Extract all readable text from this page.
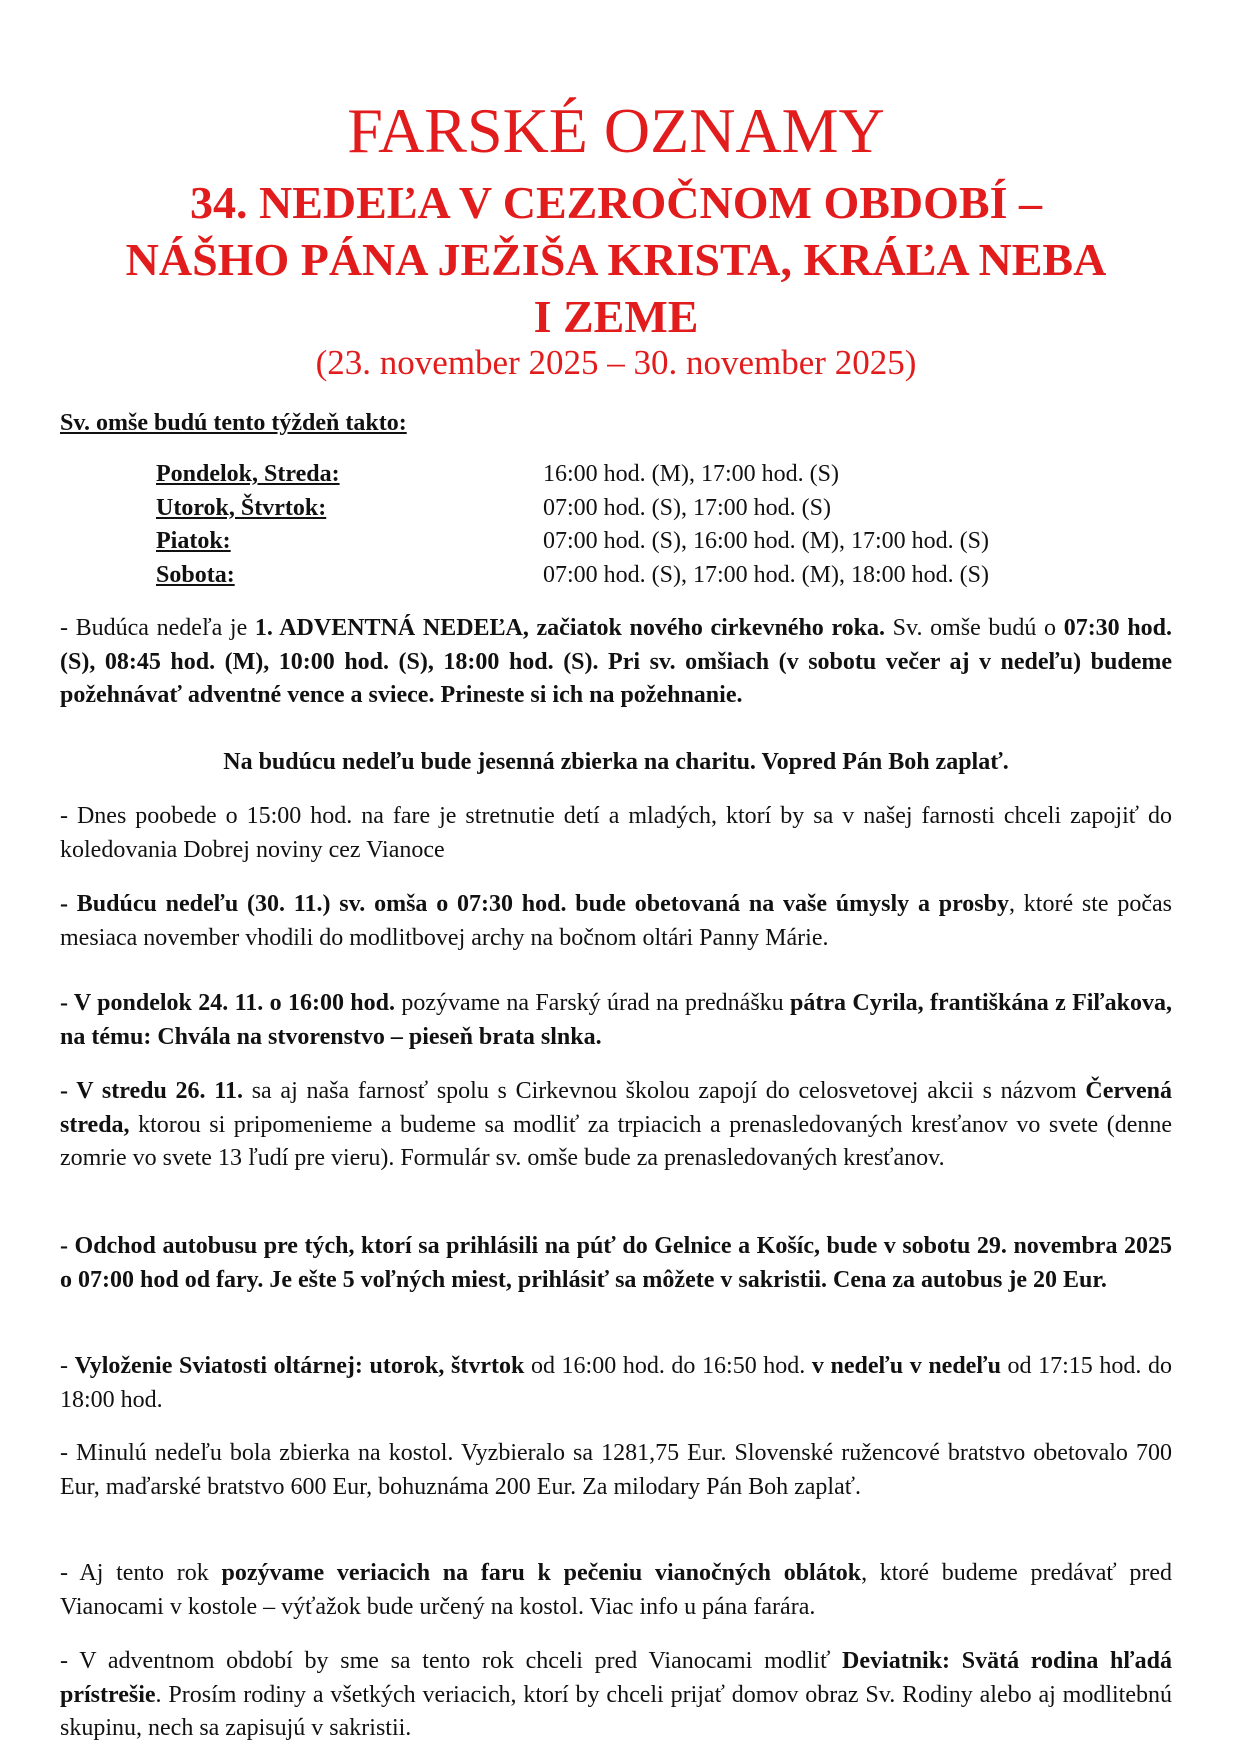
FARSKÉ OZNAMY
34. NEDEĽA V CEZROČNOM OBDOBÍ –
NÁŠHO PÁNA JEŽIŠA KRISTA, KRÁĽA NEBA
I ZEME
(23. november 2025 – 30. november 2025)
Sv. omše budú tento týždeň takto:
Pondelok, Streda:	16:00 hod. (M), 17:00 hod. (S)
Utorok, Štvrtok:	07:00 hod. (S), 17:00 hod. (S)
Piatok:	07:00 hod. (S), 16:00 hod. (M), 17:00 hod. (S)
Sobota:	07:00 hod. (S), 17:00 hod. (M), 18:00 hod. (S)
- Budúca nedeľa je 1. ADVENTNÁ NEDEĽA, začiatok nového cirkevného roka. Sv. omše budú o 07:30 hod. (S), 08:45 hod. (M), 10:00 hod. (S), 18:00 hod. (S). Pri sv. omšiach (v sobotu večer aj v nedeľu) budeme požehnávať adventné vence a sviece. Prineste si ich na požehnanie.
Na budúcu nedeľu bude jesenná zbierka na charitu. Vopred Pán Boh zaplať.
- Dnes poobede o 15:00 hod. na fare je stretnutie detí a mladých, ktorí by sa v našej farnosti chceli zapojiť do koledovania Dobrej noviny cez Vianoce
- Budúcu nedeľu (30. 11.) sv. omša o 07:30 hod. bude obetovaná na vaše úmysly a prosby, ktoré ste počas mesiaca november vhodili do modlitbovej archy na bočnom oltári Panny Márie.
- V pondelok 24. 11. o 16:00 hod. pozývame na Farský úrad na prednášku pátra Cyrila, františkána z Fiľakova, na tému: Chvála na stvorenstvo – pieseň brata slnka.
- V stredu 26. 11. sa aj naša farnosť spolu s Cirkevnou školou zapojí do celosvetovej akcii s názvom Červená streda, ktorou si pripomenieme a budeme sa modliť za trpiacich a prenasledovaných kresťanov vo svete (denne zomrie vo svete 13 ľudí pre vieru). Formulár sv. omše bude za prenasledovaných kresťanov.
- Odchod autobusu pre tých, ktorí sa prihlásili na púť do Gelnice a Košíc, bude v sobotu 29. novembra 2025 o 07:00 hod od fary. Je ešte 5 voľných miest, prihlásiť sa môžete v sakristii. Cena za autobus je 20 Eur.
- Vyloženie Sviatosti oltárnej: utorok, štvrtok od 16:00 hod. do 16:50 hod. v nedeľu v nedeľu od 17:15 hod. do 18:00 hod.
- Minulú nedeľu bola zbierka na kostol. Vyzbieralo sa 1281,75 Eur. Slovenské ružencové bratstvo obetovalo 700 Eur, maďarské bratstvo 600 Eur, bohuznáma 200 Eur. Za milodary Pán Boh zaplať.
- Aj tento rok pozývame veriacich na faru k pečeniu vianočných oblátok, ktoré budeme predávať pred Vianocami v kostole – výťažok bude určený na kostol. Viac info u pána farára.
- V adventnom období by sme sa tento rok chceli pred Vianocami modliť Deviatnik: Svätá rodina hľadá prístrešie. Prosím rodiny a všetkých veriacich, ktorí by chceli prijať domov obraz Sv. Rodiny alebo aj modlitebnú skupinu, nech sa zapisujú v sakristii.
